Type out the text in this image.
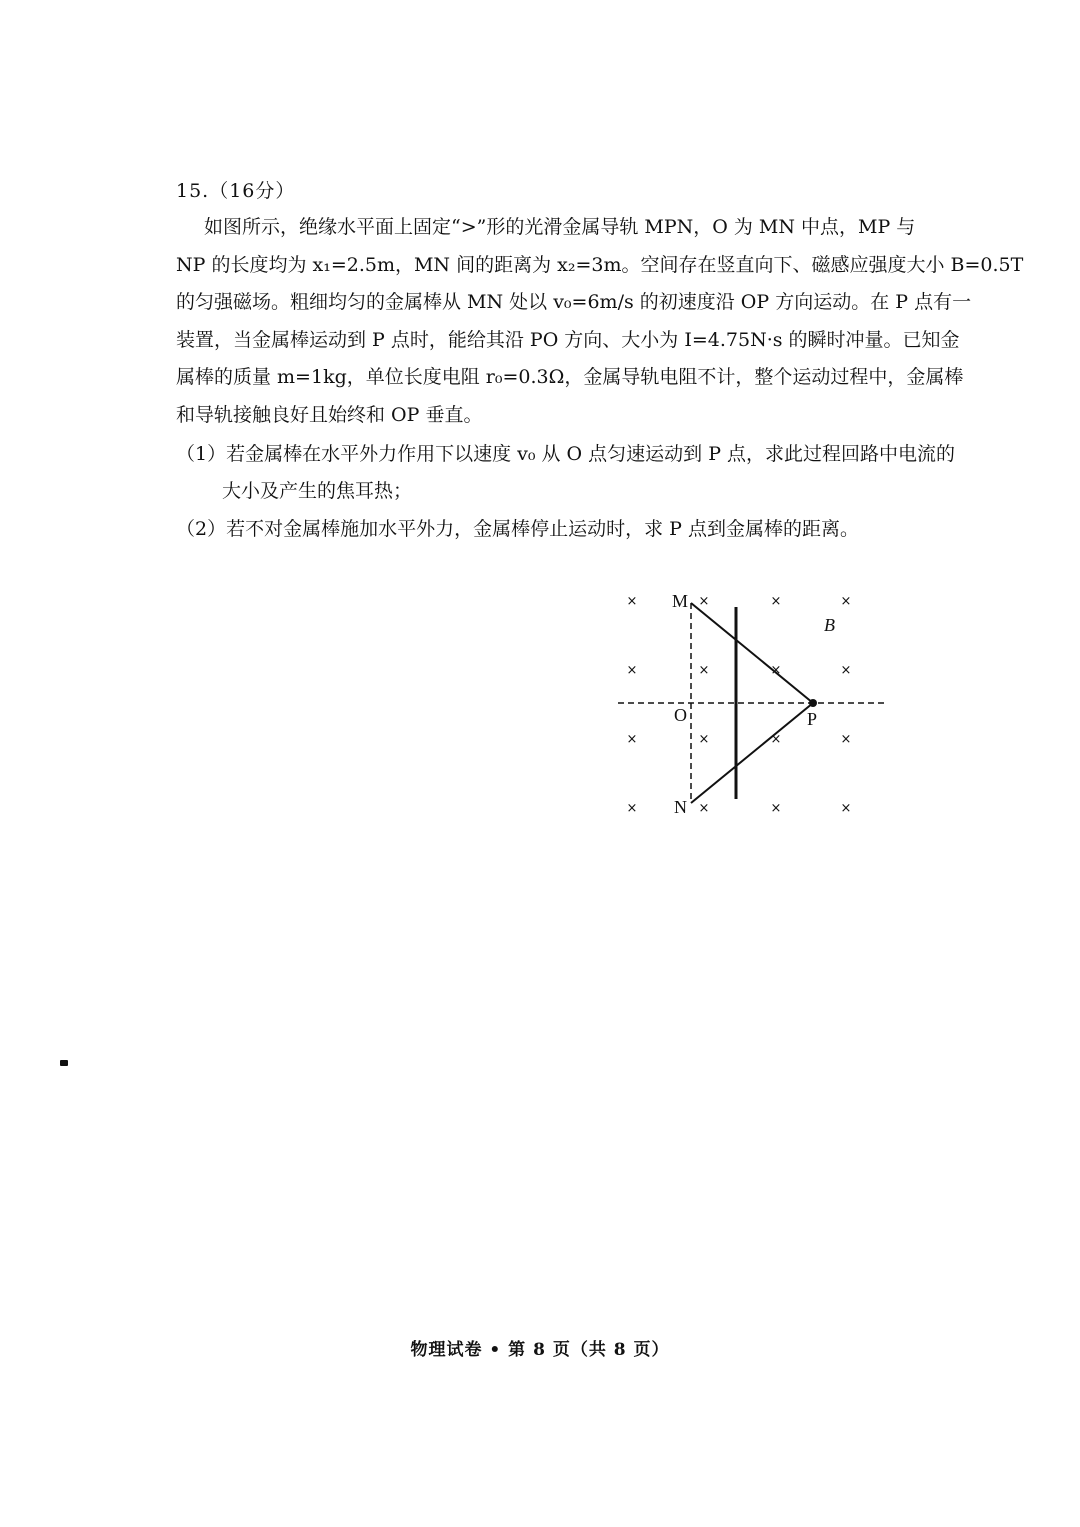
15.（16分）
如图所示，绝缘水平面上固定“>”形的光滑金属导轨 MPN，O 为 MN 中点，MP 与
NP 的长度均为 x₁=2.5m，MN 间的距离为 x₂=3m。空间存在竖直向下、磁感应强度大小 B=0.5T
的匀强磁场。粗细均匀的金属棒从 MN 处以 v₀=6m/s 的初速度沿 OP 方向运动。在 P 点有一
装置，当金属棒运动到 P 点时，能给其沿 PO 方向、大小为 I=4.75N·s 的瞬时冲量。已知金
属棒的质量 m=1kg，单位长度电阻 r₀=0.3Ω，金属导轨电阻不计，整个运动过程中，金属棒
和导轨接触良好且始终和 OP 垂直。
（1）若金属棒在水平外力作用下以速度 v₀ 从 O 点匀速运动到 P 点，求此过程回路中电流的
大小及产生的焦耳热；
（2）若不对金属棒施加水平外力，金属棒停止运动时，求 P 点到金属棒的距离。
×	×	×	×
×	×	×	×
×	×	×	×
×	×	×	×
M
N
O	P
B
物理试卷 • 第 8 页（共 8 页）
